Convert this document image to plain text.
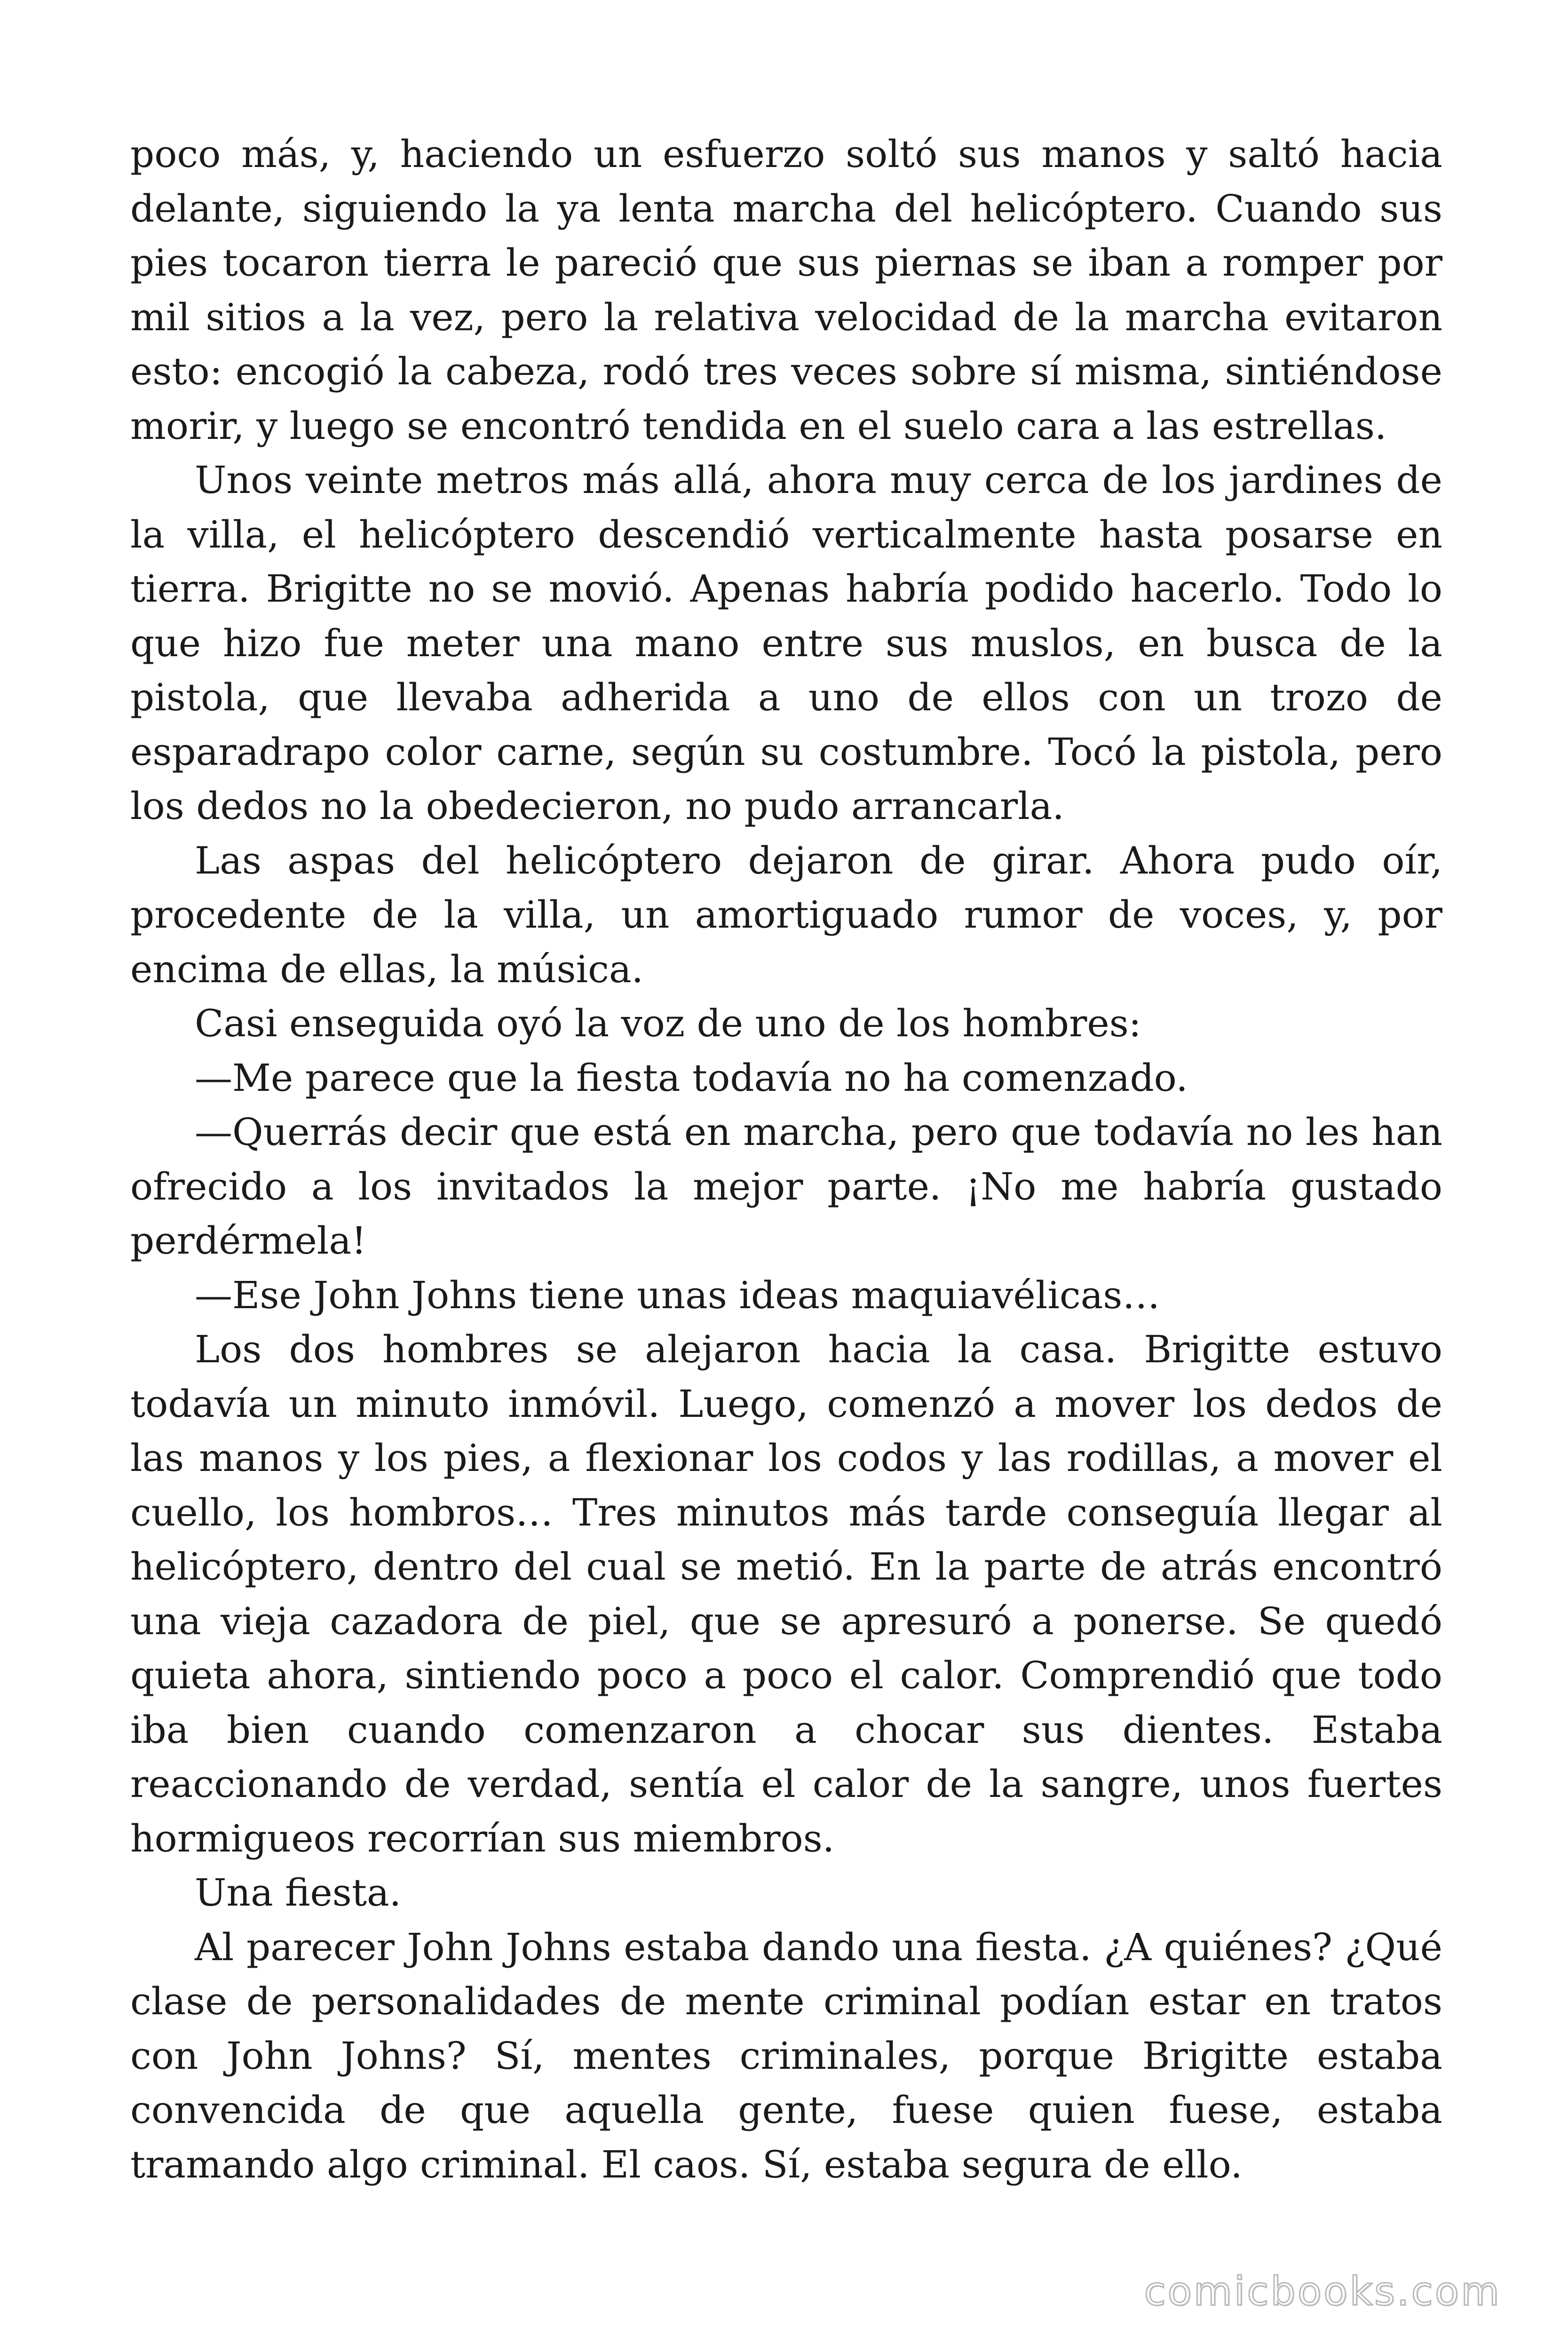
poco más, y, haciendo un esfuerzo soltó sus manos y saltó hacia delante, siguiendo la ya lenta marcha del helicóptero. Cuando sus pies tocaron tierra le pareció que sus piernas se iban a romper por mil sitios a la vez, pero la relativa velocidad de la marcha evitaron esto: encogió la cabeza, rodó tres veces sobre sí misma, sintiéndose morir, y luego se encontró tendida en el suelo cara a las estrellas.

Unos veinte metros más allá, ahora muy cerca de los jardines de la villa, el helicóptero descendió verticalmente hasta posarse en tierra. Brigitte no se movió. Apenas habría podido hacerlo. Todo lo que hizo fue meter una mano entre sus muslos, en busca de la pistola, que llevaba adherida a uno de ellos con un trozo de esparadrapo color carne, según su costumbre. Tocó la pistola, pero los dedos no la obedecieron, no pudo arrancarla.

Las aspas del helicóptero dejaron de girar. Ahora pudo oír, procedente de la villa, un amortiguado rumor de voces, y, por encima de ellas, la música.

Casi enseguida oyó la voz de uno de los hombres:

—Me parece que la fiesta todavía no ha comenzado.

—Querrás decir que está en marcha, pero que todavía no les han ofrecido a los invitados la mejor parte. ¡No me habría gustado perdérmela!

—Ese John Johns tiene unas ideas maquiavélicas…

Los dos hombres se alejaron hacia la casa. Brigitte estuvo todavía un minuto inmóvil. Luego, comenzó a mover los dedos de las manos y los pies, a flexionar los codos y las rodillas, a mover el cuello, los hombros… Tres minutos más tarde conseguía llegar al helicóptero, dentro del cual se metió. En la parte de atrás encontró una vieja cazadora de piel, que se apresuró a ponerse. Se quedó quieta ahora, sintiendo poco a poco el calor. Comprendió que todo iba bien cuando comenzaron a chocar sus dientes. Estaba reaccionando de verdad, sentía el calor de la sangre, unos fuertes hormigueos recorrían sus miembros.

Una fiesta.

Al parecer John Johns estaba dando una fiesta. ¿A quiénes? ¿Qué clase de personalidades de mente criminal podían estar en tratos con John Johns? Sí, mentes criminales, porque Brigitte estaba convencida de que aquella gente, fuese quien fuese, estaba tramando algo criminal. El caos. Sí, estaba segura de ello.

comicbooks.com
